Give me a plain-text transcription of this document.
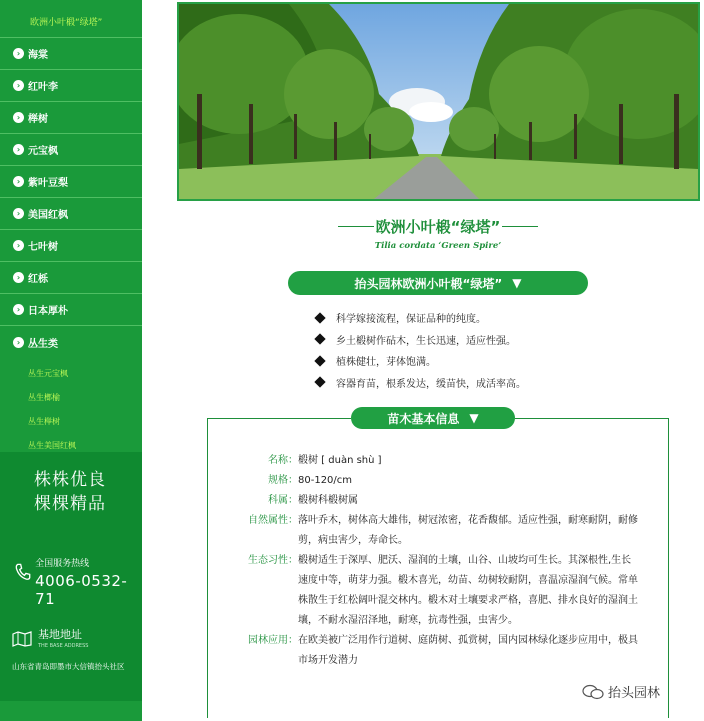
欧洲小叶椴“绿塔”
› 海棠
› 红叶李
› 榉树
› 元宝枫
› 紫叶豆梨
› 美国红枫
› 七叶树
› 红栎
› 日本厚朴
› 丛生类
丛生元宝枫
丛生榔榆
丛生榉树
丛生美国红枫
株株优良
棵棵精品
全国服务热线
4006-0532-71
基地地址
THE BASE ADDRESS
山东省青岛即墨市大信镇抬头社区
欧洲小叶椴“绿塔”
Tilia cordata ‘Green Spire’
抬头园林欧洲小叶椴“绿塔” ▼
科学嫁接流程，保证品种的纯度。
乡土椴树作砧木，生长迅速，适应性强。
植株健壮，芽体饱满。
容器育苗，根系发达，缓苗快，成活率高。
苗木基本信息 ▼
名称： 椴树 [ duàn shù ]
规格： 80-120/cm
科属： 椴树科椴树属
自然属性： 落叶乔木，树体高大雄伟，树冠浓密，花香馥郁。适应性强，耐寒耐阴，耐修剪，病虫害少，寿命长。
生态习性： 椴树适生于深厚、肥沃、湿润的土壤，山谷、山坡均可生长。其深根性,生长速度中等，萌芽力强。椴木喜光，幼苗、幼树较耐阴，喜温凉湿润气候。常单株散生于红松阔叶混交林内。椴木对土壤要求严格，喜肥、排水良好的湿润土壤，不耐水湿沼泽地，耐寒，抗毒性强，虫害少。
园林应用： 在欧美被广泛用作行道树、庭荫树、孤赏树，国内园林绿化逐步应用中，极具市场开发潜力
抬头园林
